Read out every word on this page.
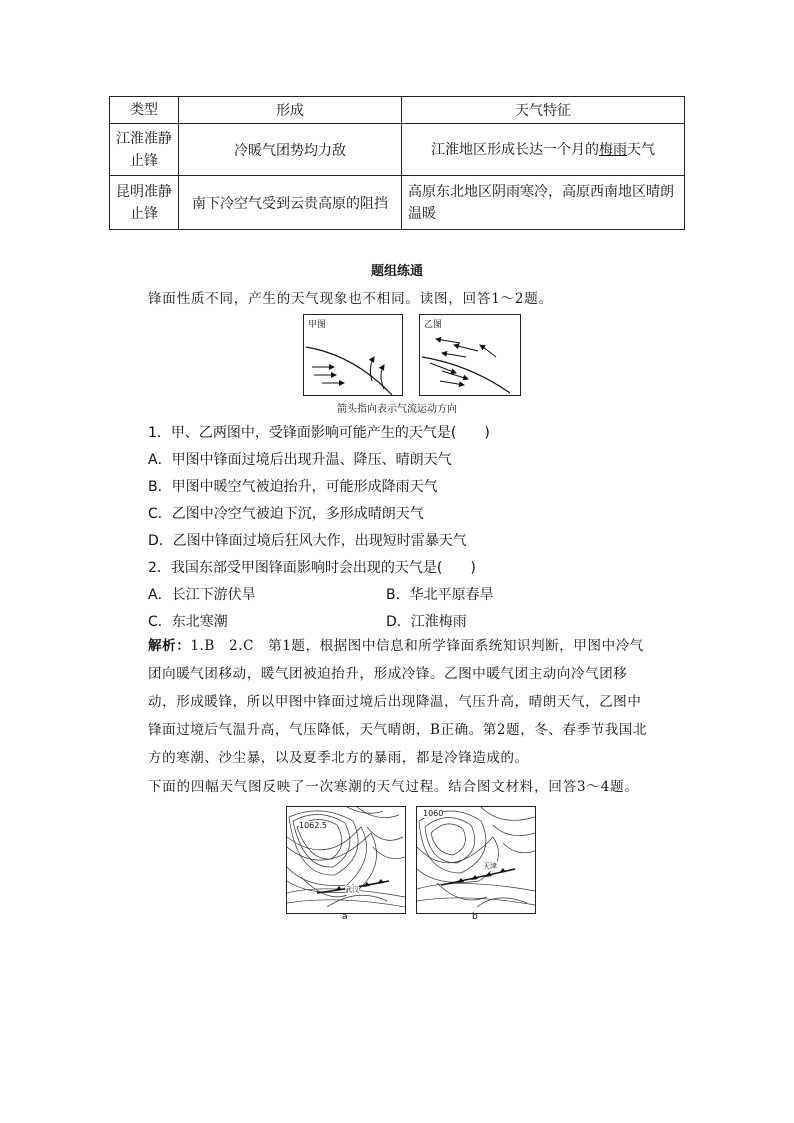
类型	形成	天气特征
江淮准静止锋	冷暖气团势均力敌	江淮地区形成长达一个月的梅雨天气
昆明准静止锋	南下冷空气受到云贵高原的阻挡	高原东北地区阴雨寒冷，高原西南地区晴朗温暖
题组练通
锋面性质不同，产生的天气现象也不相同。读图，回答1～2题。
甲图	乙图
箭头指向表示气流运动方向
1．甲、乙两图中，受锋面影响可能产生的天气是(　　)
A．甲图中锋面过境后出现升温、降压、晴朗天气
B．甲图中暖空气被迫抬升，可能形成降雨天气
C．乙图中冷空气被迫下沉，多形成晴朗天气
D．乙图中锋面过境后狂风大作，出现短时雷暴天气
2．我国东部受甲图锋面影响时会出现的天气是(　　)
A．长江下游伏旱	B．华北平原春旱
C．东北寒潮	D．江淮梅雨
解析：1.B　2.C　第1题，根据图中信息和所学锋面系统知识判断，甲图中冷气团向暖气团移动，暖气团被迫抬升，形成冷锋。乙图中暖气团主动向冷气团移动，形成暖锋，所以甲图中锋面过境后出现降温，气压升高，晴朗天气，乙图中锋面过境后气温升高，气压降低，天气晴朗，B正确。第2题，冬、春季节我国北方的寒潮、沙尘暴，以及夏季北方的暴雨，都是冷锋造成的。
下面的四幅天气图反映了一次寒潮的天气过程。结合图文材料，回答3～4题。
1062.5
武汉
1060
天津
a	b
